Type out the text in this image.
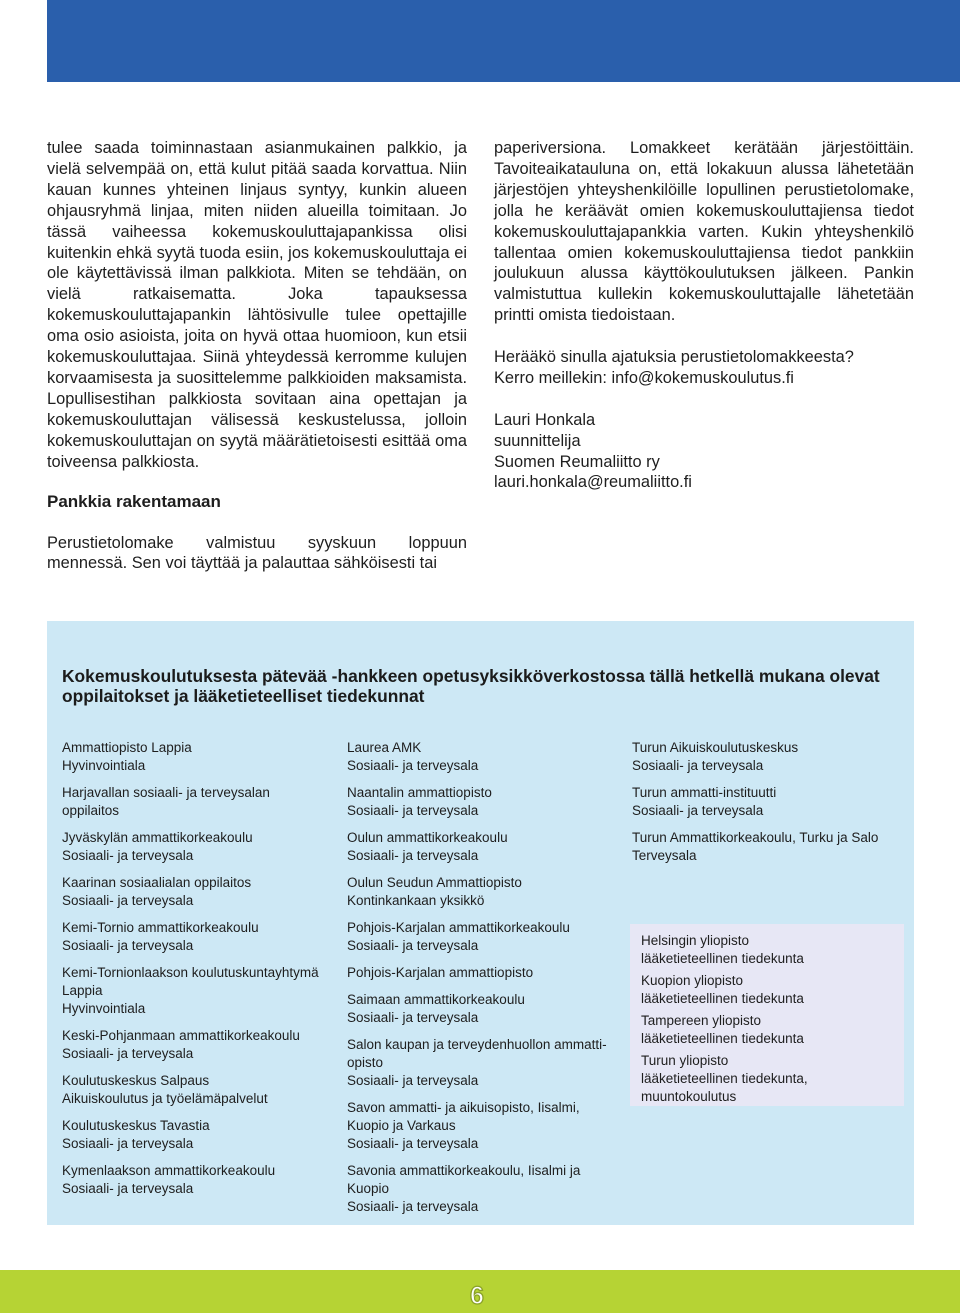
tulee saada toiminnastaan asianmukainen palkkio, ja vielä selvempää on, että kulut pitää saada korvattua. Niin kauan kunnes yhteinen linjaus syntyy, kunkin alueen ohjausryhmä linjaa, miten niiden alueilla toimitaan. Jo tässä vaiheessa kokemuskouluttajapankissa olisi kuitenkin ehkä syytä tuoda esiin, jos kokemuskouluttaja ei ole käytettävissä ilman palkkiota. Miten se tehdään, on vielä ratkaisematta. Joka tapauksessa kokemuskouluttajapankin lähtösivulle tulee opettajille oma osio asioista, joita on hyvä ottaa huomioon, kun etsii kokemuskouluttajaa. Siinä yhteydessä kerromme kulujen korvaamisesta ja suosittelemme palkkioiden maksamista. Lopullisestihan palkkiosta sovitaan aina opettajan ja kokemuskouluttajan välisessä keskustelussa, jolloin kokemuskouluttajan on syytä määrätietoisesti esittää oma toiveensa palkkiosta.

Pankkia rakentamaan

Perustietolomake valmistuu syyskuun loppuun mennessä. Sen voi täyttää ja palauttaa sähköisesti tai

paperiversiona. Lomakkeet kerätään järjestöittäin. Tavoiteaikatauluna on, että lokakuun alussa lähetetään järjestöjen yhteyshenkilöille lopullinen perustietolomake, jolla he keräävät omien kokemuskouluttajiensa tiedot kokemuskouluttajapankkia varten. Kukin yhteyshenkilö tallentaa omien kokemuskouluttajiensa tiedot pankkiin joulukuun alussa käyttökoulutuksen jälkeen. Pankin valmistuttua kullekin kokemuskouluttajalle lähetetään printti omista tiedoistaan.

Herääkö sinulla ajatuksia perustietolomakkeesta?

Kerro meillekin: info@kokemuskoulutus.fi

Lauri Honkala

suunnittelija

Suomen Reumaliitto ry

lauri.honkala@reumaliitto.fi

Kokemuskoulutuksesta pätevää -hankkeen opetusyksikköverkostossa tällä hetkellä mukana olevat oppilaitokset ja lääketieteelliset tiedekunnat
Ammattiopisto Lappia
Hyvinvointiala
Harjavallan sosiaali- ja terveysalan
oppilaitos
Jyväskylän ammattikorkeakoulu
Sosiaali- ja terveysala
Kaarinan sosiaalialan oppilaitos
Sosiaali- ja terveysala
Kemi-Tornio ammattikorkeakoulu
Sosiaali- ja terveysala
Kemi-Tornionlaakson koulutuskuntayhtymä
Lappia
Hyvinvointiala
Keski-Pohjanmaan ammattikorkeakoulu
Sosiaali- ja terveysala
Koulutuskeskus Salpaus
Aikuiskoulutus ja työelämäpalvelut
Koulutuskeskus Tavastia
Sosiaali- ja terveysala
Kymenlaakson ammattikorkeakoulu
Sosiaali- ja terveysala
Laurea AMK
Sosiaali- ja terveysala
Naantalin ammattiopisto
Sosiaali- ja terveysala
Oulun ammattikorkeakoulu
Sosiaali- ja terveysala
Oulun Seudun Ammattiopisto
Kontinkankaan yksikkö
Pohjois-Karjalan ammattikorkeakoulu
Sosiaali- ja terveysala
Pohjois-Karjalan ammattiopisto
Saimaan ammattikorkeakoulu
Sosiaali- ja terveysala
Salon kaupan ja terveydenhuollon ammatti-
opisto
Sosiaali- ja terveysala
Savon ammatti- ja aikuisopisto, Iisalmi,
Kuopio ja Varkaus
Sosiaali- ja terveysala
Savonia ammattikorkeakoulu, Iisalmi ja
Kuopio
Sosiaali- ja terveysala
Turun Aikuiskoulutuskeskus
Sosiaali- ja terveysala
Turun ammatti-instituutti
Sosiaali- ja terveysala
Turun Ammattikorkeakoulu, Turku ja Salo
Terveysala
Helsingin yliopisto
lääketieteellinen tiedekunta
Kuopion yliopisto
lääketieteellinen tiedekunta
Tampereen yliopisto
lääketieteellinen tiedekunta
Turun yliopisto
lääketieteellinen tiedekunta,
muuntokoulutus
6
